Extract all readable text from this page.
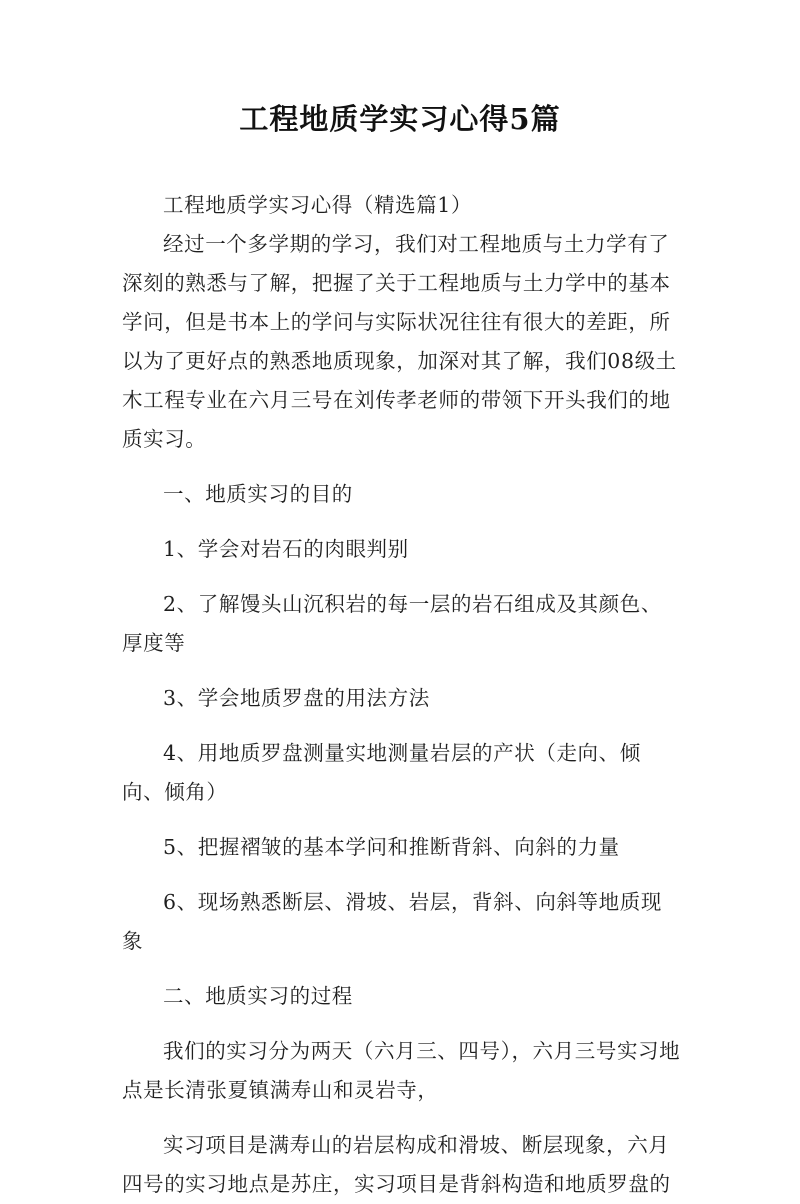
工程地质学实习心得5篇

工程地质学实习心得（精选篇1）

经过一个多学期的学习，我们对工程地质与土力学有了深刻的熟悉与了解，把握了关于工程地质与土力学中的基本学问，但是书本上的学问与实际状况往往有很大的差距，所以为了更好点的熟悉地质现象，加深对其了解，我们08级土木工程专业在六月三号在刘传孝老师的带领下开头我们的地质实习。

一、地质实习的目的

1、学会对岩石的肉眼判别

2、了解馒头山沉积岩的每一层的岩石组成及其颜色、厚度等

3、学会地质罗盘的用法方法

4、用地质罗盘测量实地测量岩层的产状（走向、倾向、倾角）

5、把握褶皱的基本学问和推断背斜、向斜的力量

6、现场熟悉断层、滑坡、岩层，背斜、向斜等地质现象

二、地质实习的过程

我们的实习分为两天（六月三、四号），六月三号实习地点是长清张夏镇满寿山和灵岩寺，

实习项目是满寿山的岩层构成和滑坡、断层现象，六月四号的实习地点是苏庄，实习项目是背斜构造和地质罗盘的
